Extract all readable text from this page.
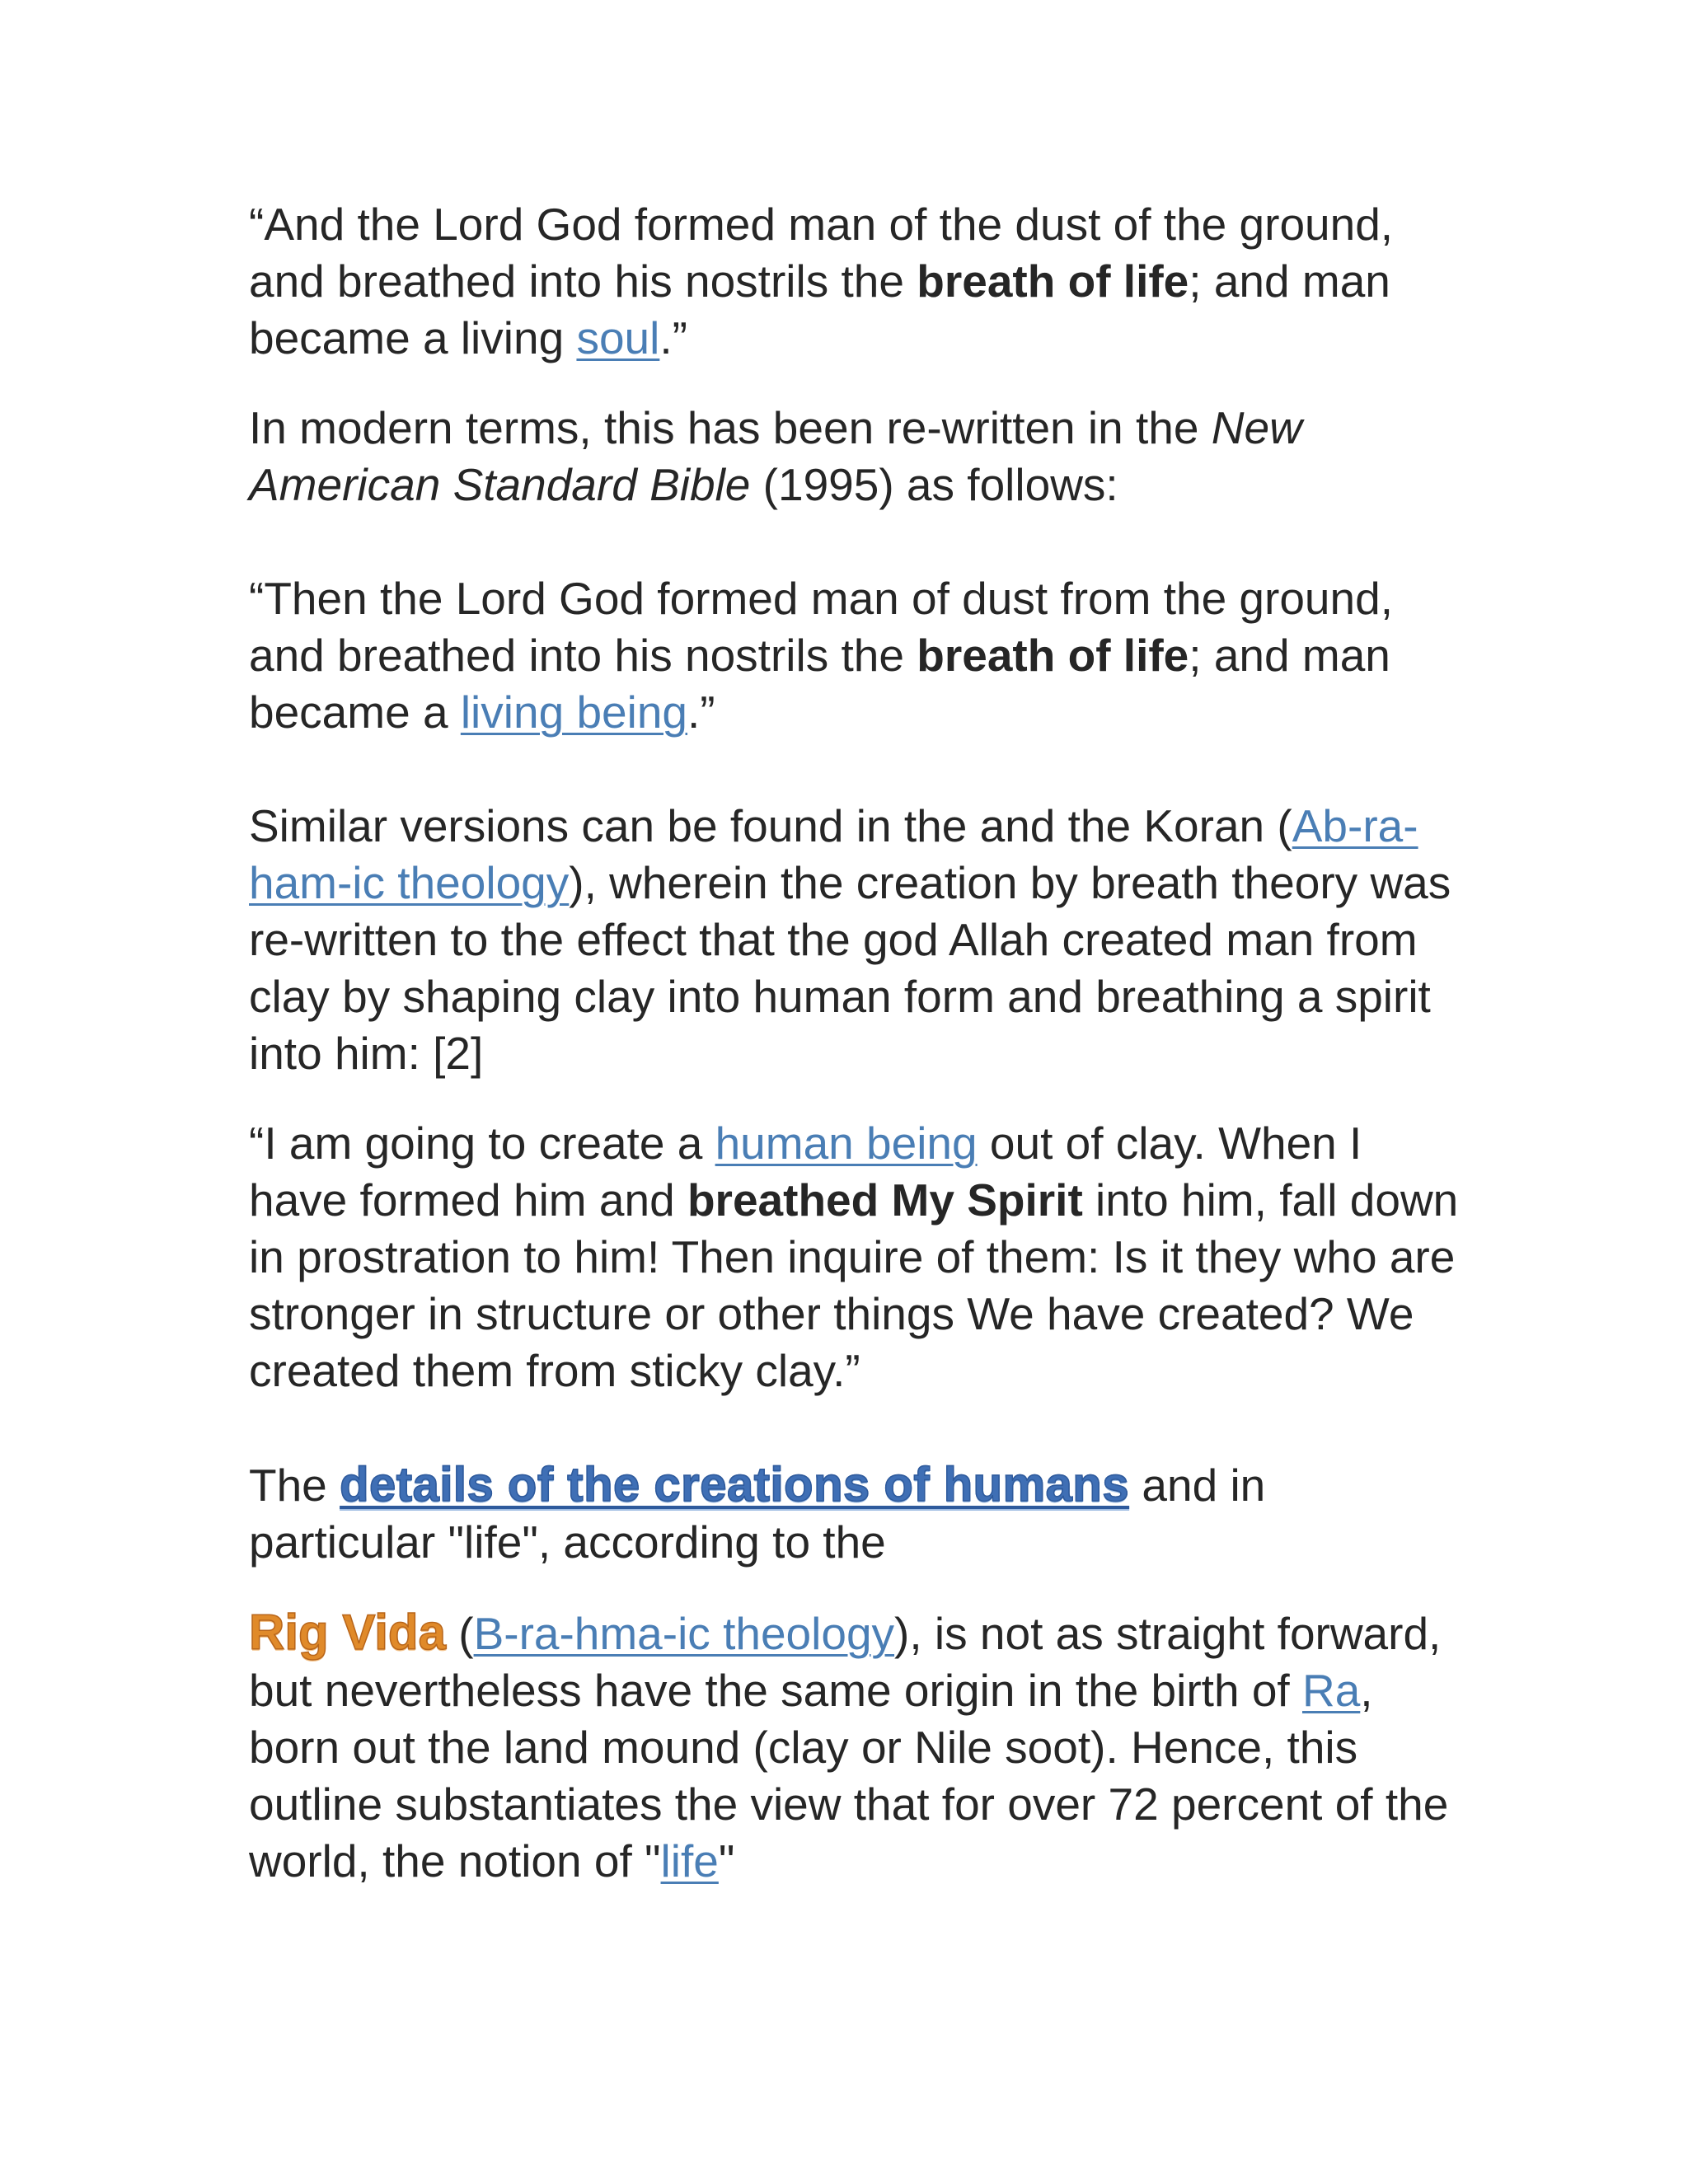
“And the Lord God formed man of the dust of the ground, and breathed into his nostrils the breath of life; and man became a living soul.”

In modern terms, this has been re-written in the New American Standard Bible (1995) as follows:

“Then the Lord God formed man of dust from the ground, and breathed into his nostrils the breath of life; and man became a living being.”

Similar versions can be found in the and the Koran (Ab-ra-ham-ic theology), wherein the creation by breath theory was re-written to the effect that the god Allah created man from clay by shaping clay into human form and breathing a spirit into him: [2]

“I am going to create a human being out of clay. When I have formed him and breathed My Spirit into him, fall down in prostration to him! Then inquire of them: Is it they who are stronger in structure or other things We have created? We created them from sticky clay.”

The details of the creations of humans and in particular "life", according to the

Rig Vida (B-ra-hma-ic theology), is not as straight forward, but nevertheless have the same origin in the birth of Ra, born out the land mound (clay or Nile soot). Hence, this outline substantiates the view that for over 72 percent of the world, the notion of "life"
